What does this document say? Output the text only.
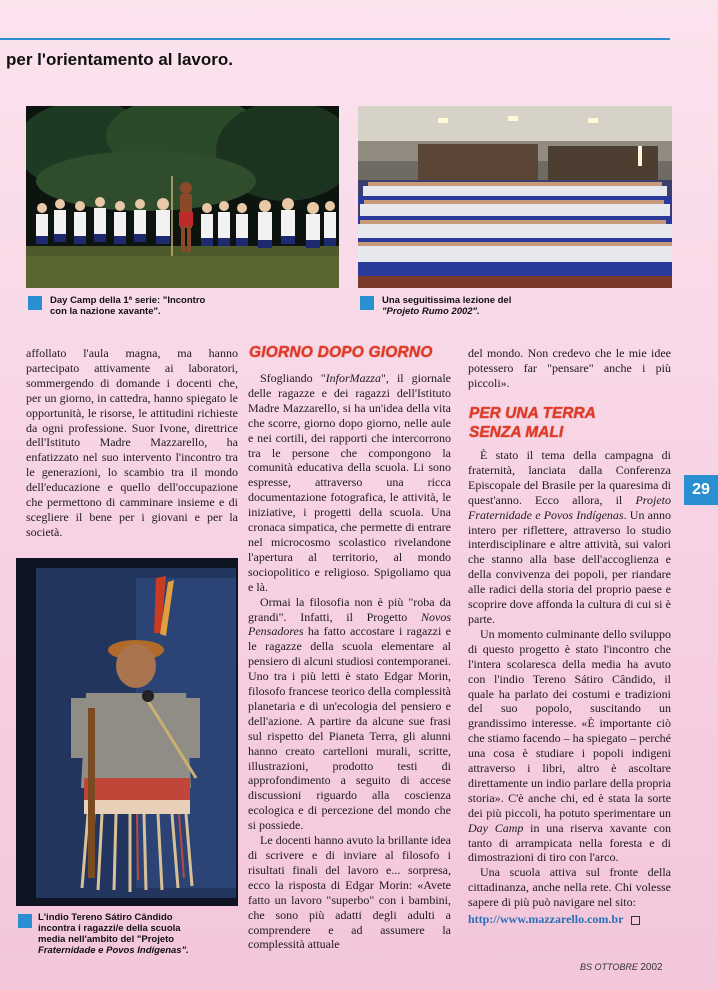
per l'orientamento al lavoro.
Day Camp della 1ª serie: "Incontro
con la nazione xavante".
Una seguitissima lezione del
"Projeto Rumo 2002".

affollato l'aula magna, ma hanno partecipato attivamente ai laboratori, sommergendo di domande i docenti che, per un giorno, in cattedra, hanno spiegato le opportunità, le risorse, le attitudini richieste da ogni professione. Suor Ivone, direttrice dell'Istituto Madre Mazzarello, ha enfatizzato nel suo intervento l'incontro tra le generazioni, lo scambio tra il mondo dell'educazione e quello dell'occupazione che permettono di camminare insieme e di scegliere il bene per i giovani e per la società.

L'indio Tereno Sátiro Cândido
incontra i ragazzi/e della scuola
media nell'ambito del "Projeto
Fraternidade e Povos Indígenas".
GIORNO DOPO GIORNO

Sfogliando "InforMazza", il giornale delle ragazze e dei ragazzi dell'Istituto Madre Mazzarello, si ha un'idea della vita che scorre, giorno dopo giorno, nelle aule e nei cortili, dei rapporti che intercorrono tra le persone che compongono la comunità educativa della scuola. Li sono espresse, attraverso una ricca documentazione fotografica, le attività, le iniziative, i progetti della scuola. Una cronaca simpatica, che permette di entrare nel microcosmo scolastico rivelandone l'apertura al territorio, al mondo sociopolitico e religioso. Spigoliamo qua e là.

Ormai la filosofia non è più "roba da grandi". Infatti, il Progetto Novos Pensadores ha fatto accostare i ragazzi e le ragazze della scuola elementare al pensiero di alcuni studiosi contemporanei. Uno tra i più letti è stato Edgar Morin, filosofo francese teorico della complessità planetaria e di un'ecologia del pensiero e dell'azione. A partire da alcune sue frasi sul rispetto del Pianeta Terra, gli alunni hanno creato cartelloni murali, scritte, illustrazioni, prodotto testi di approfondimento a seguito di accese discussioni riguardo alla coscienza ecologica e di percezione del mondo che si possiede.

Le docenti hanno avuto la brillante idea di scrivere e di inviare al filosofo i risultati finali del lavoro e... sorpresa, ecco la risposta di Edgar Morin: «Avete fatto un lavoro "superbo" con i bambini, che sono più adatti degli adulti a comprendere e ad assumere la complessità attuale

del mondo. Non credevo che le mie idee potessero far "pensare" anche i più piccoli».

PER UNA TERRA
SENZA MALI

È stato il tema della campagna di fraternità, lanciata dalla Conferenza Episcopale del Brasile per la quaresima di quest'anno. Ecco allora, il Projeto Fraternidade e Povos Indígenas. Un anno intero per riflettere, attraverso lo studio interdisciplinare e altre attività, sui valori che stanno alla base dell'accoglienza e della convivenza dei popoli, per riandare alle radici della storia del proprio paese e scoprire dove affonda la cultura di cui si è parte.

Un momento culminante dello sviluppo di questo progetto è stato l'incontro che l'intera scolaresca della media ha avuto con l'indio Tereno Sátiro Cândido, il quale ha parlato dei costumi e tradizioni del suo popolo, suscitando un grandissimo interesse. «È importante ciò che stiamo facendo – ha spiegato – perché una cosa è studiare i popoli indigeni attraverso i libri, altro è ascoltare direttamente un indio parlare della propria storia». C'è anche chi, ed è stata la sorte dei più piccoli, ha potuto sperimentare un Day Camp in una riserva xavante con tanto di arrampicata nella foresta e di dimostrazioni di tiro con l'arco.

Una scuola attiva sul fronte della cittadinanza, anche nella rete. Chi volesse sapere di più può navigare nel sito:

http://www.mazzarello.com.br

29
BS OTTOBRE 2002
